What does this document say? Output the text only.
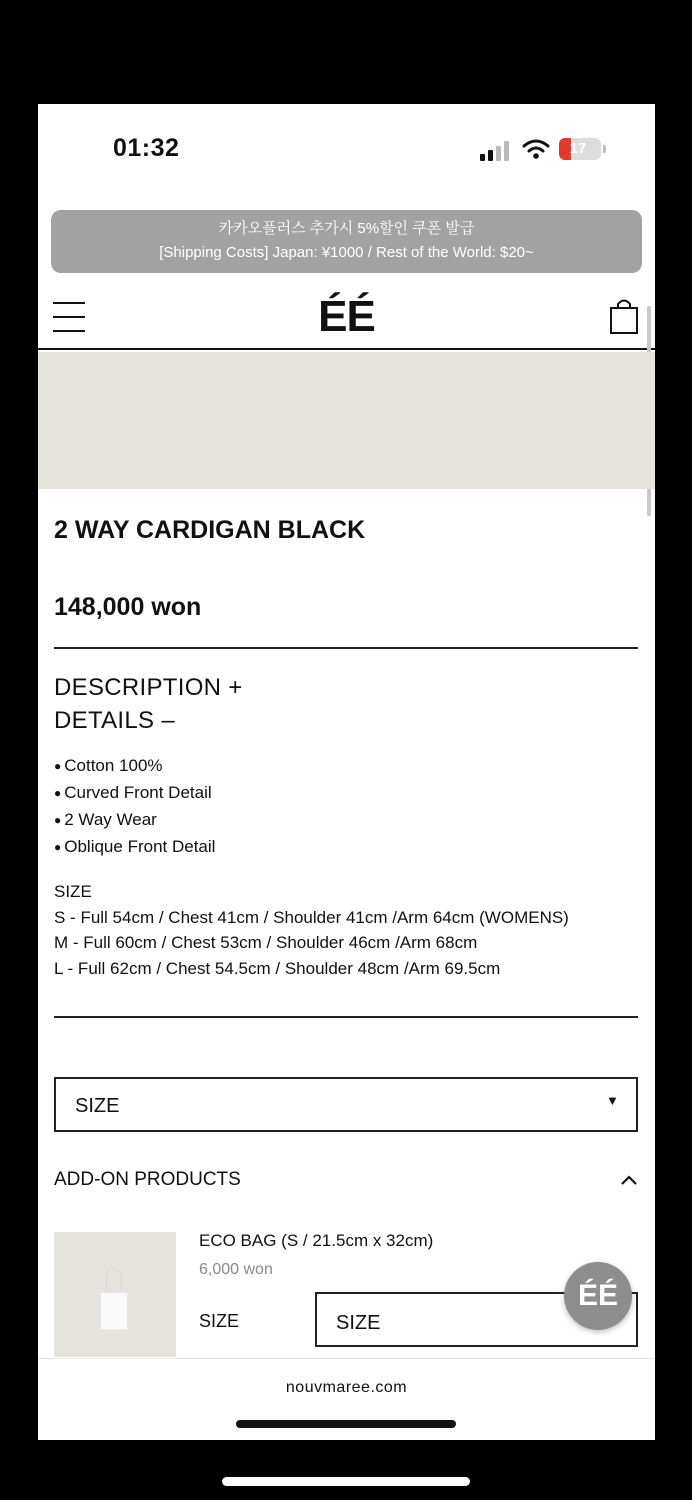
01:32	17
카카오플러스 추가시 5%할인 쿠폰 발급
[Shipping Costs] Japan: ¥1000 / Rest of the World: $20~
ÉÉ
2 WAY CARDIGAN BLACK
148,000 won
DESCRIPTION +
DETAILS –
● Cotton 100%
● Curved Front Detail
● 2 Way Wear
● Oblique Front Detail
SIZE
S - Full 54cm / Chest 41cm / Shoulder 41cm /Arm 64cm (WOMENS)
M - Full 60cm / Chest 53cm / Shoulder 46cm /Arm 68cm
L - Full 62cm / Chest 54.5cm / Shoulder 48cm /Arm 69.5cm
SIZE	▼
ADD-ON PRODUCTS
ECO BAG (S / 21.5cm x 32cm)
6,000 won
SIZE	SIZE
ÉÉ
nouvmaree.com
